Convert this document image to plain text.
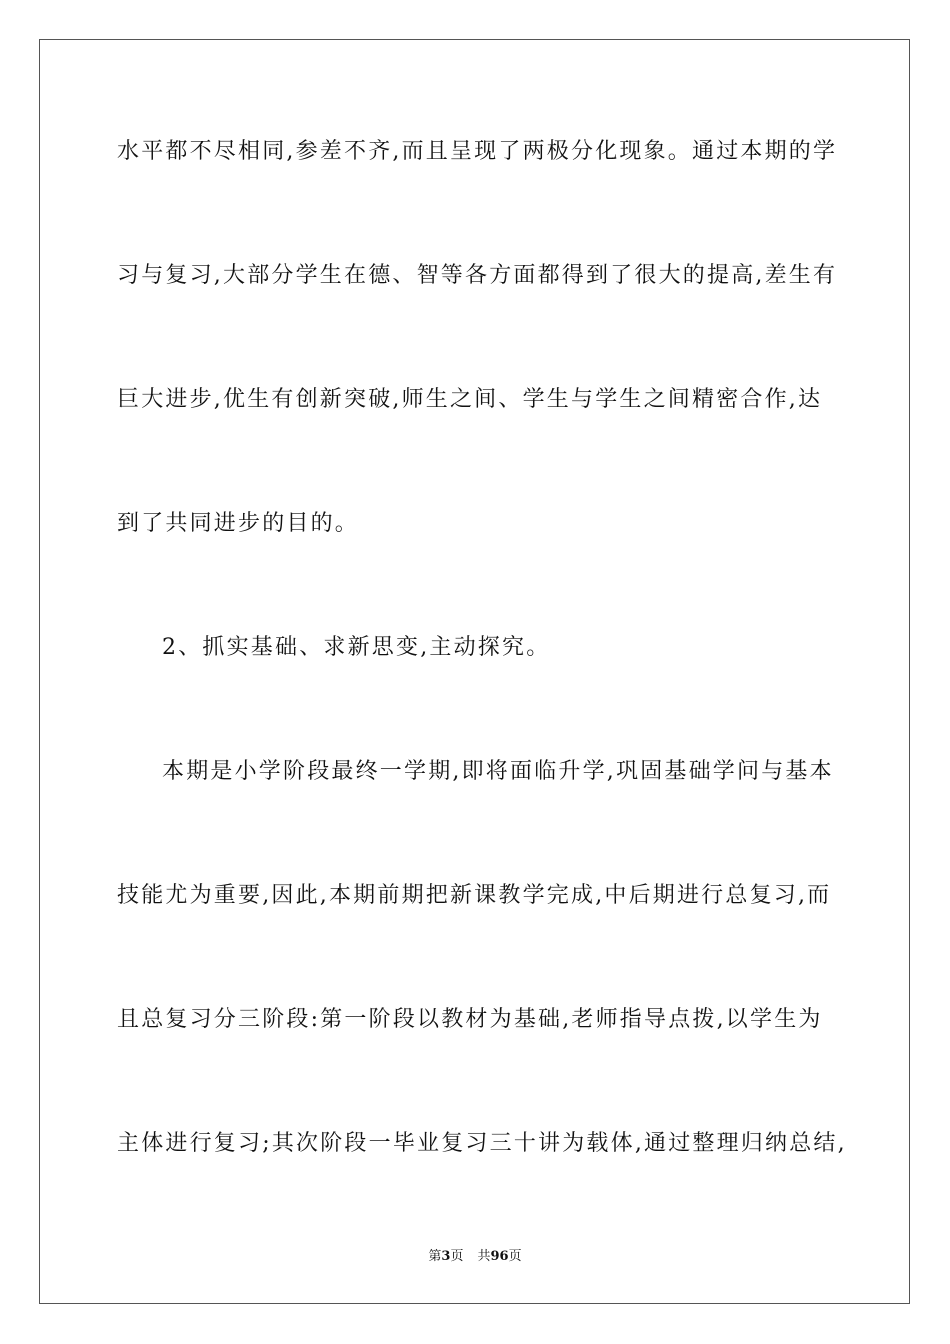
水平都不尽相同,参差不齐,而且呈现了两极分化现象。通过本期的学
习与复习,大部分学生在德、智等各方面都得到了很大的提高,差生有
巨大进步,优生有创新突破,师生之间、学生与学生之间精密合作,达
到了共同进步的目的。
2、抓实基础、求新思变,主动探究。
本期是小学阶段最终一学期,即将面临升学,巩固基础学问与基本
技能尤为重要,因此,本期前期把新课教学完成,中后期进行总复习,而
且总复习分三阶段:第一阶段以教材为基础,老师指导点拨,以学生为
主体进行复习;其次阶段一毕业复习三十讲为载体,通过整理归纳总结,
第3页 共96页
